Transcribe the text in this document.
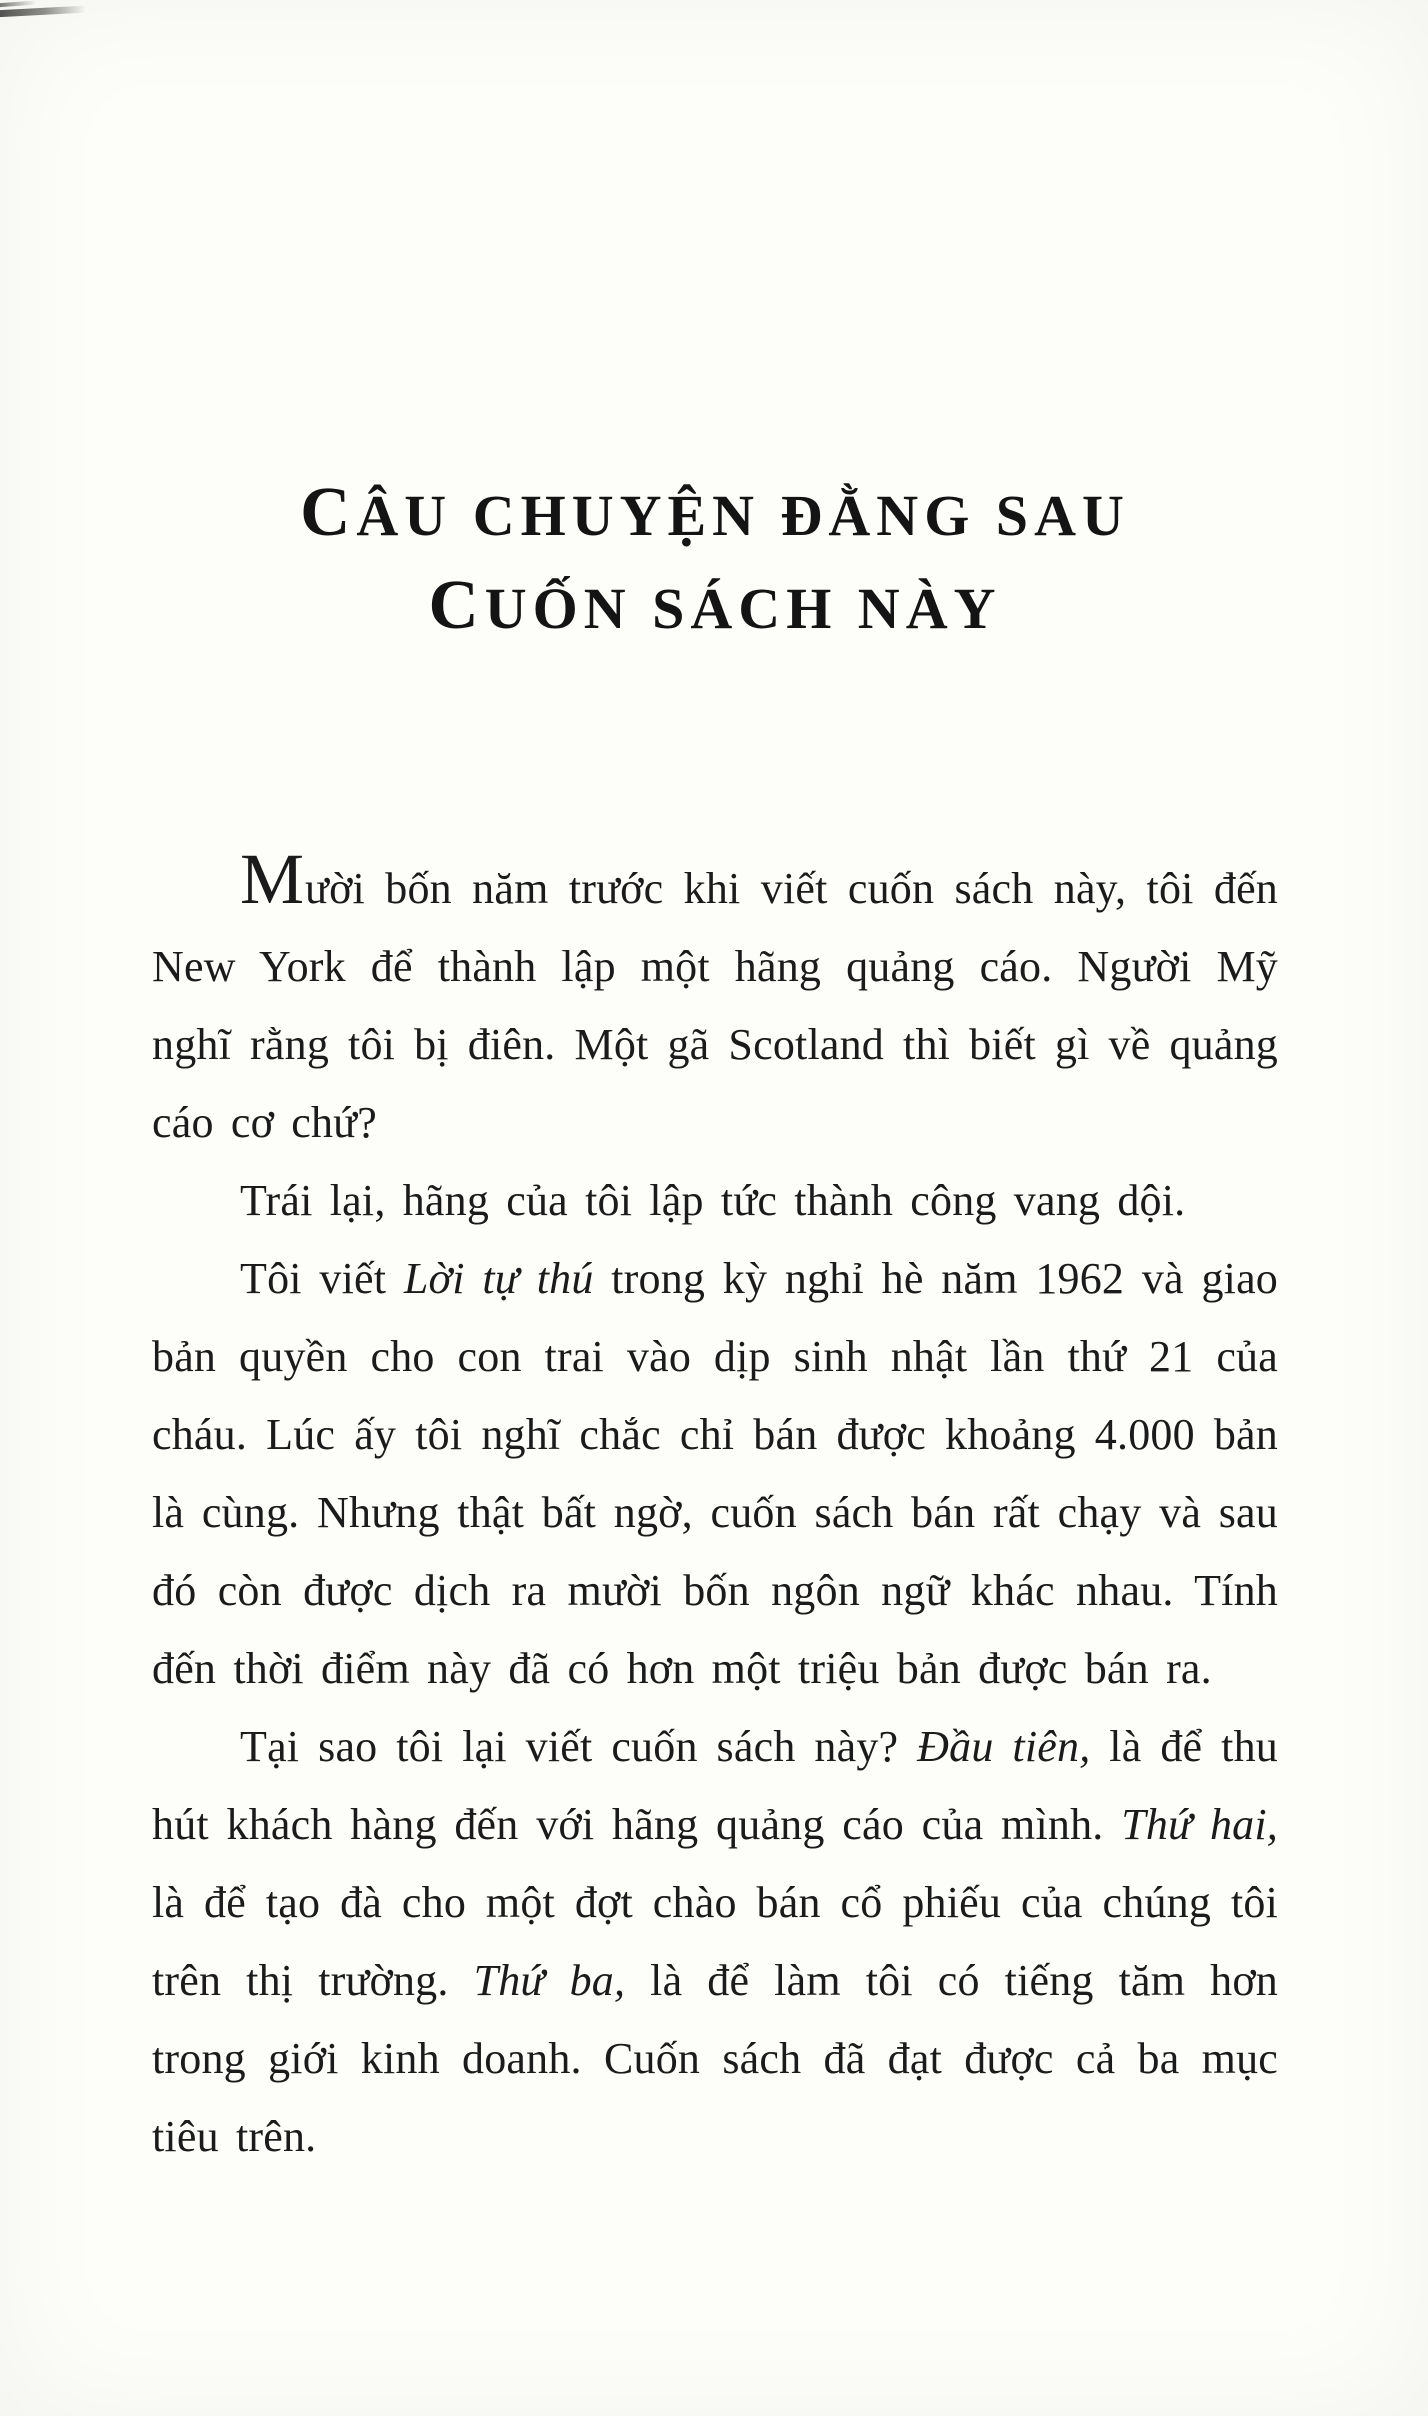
CÂU CHUYỆN ĐẰNG SAU
CUỐN SÁCH NÀY

Mười bốn năm trước khi viết cuốn sách này, tôi đến New York để thành lập một hãng quảng cáo. Người Mỹ nghĩ rằng tôi bị điên. Một gã Scotland thì biết gì về quảng cáo cơ chứ?

Trái lại, hãng của tôi lập tức thành công vang dội.

Tôi viết Lời tự thú trong kỳ nghỉ hè năm 1962 và giao bản quyền cho con trai vào dịp sinh nhật lần thứ 21 của cháu. Lúc ấy tôi nghĩ chắc chỉ bán được khoảng 4.000 bản là cùng. Nhưng thật bất ngờ, cuốn sách bán rất chạy và sau đó còn được dịch ra mười bốn ngôn ngữ khác nhau. Tính đến thời điểm này đã có hơn một triệu bản được bán ra.

Tại sao tôi lại viết cuốn sách này? Đầu tiên, là để thu hút khách hàng đến với hãng quảng cáo của mình. Thứ hai, là để tạo đà cho một đợt chào bán cổ phiếu của chúng tôi trên thị trường. Thứ ba, là để làm tôi có tiếng tăm hơn trong giới kinh doanh. Cuốn sách đã đạt được cả ba mục tiêu trên.
